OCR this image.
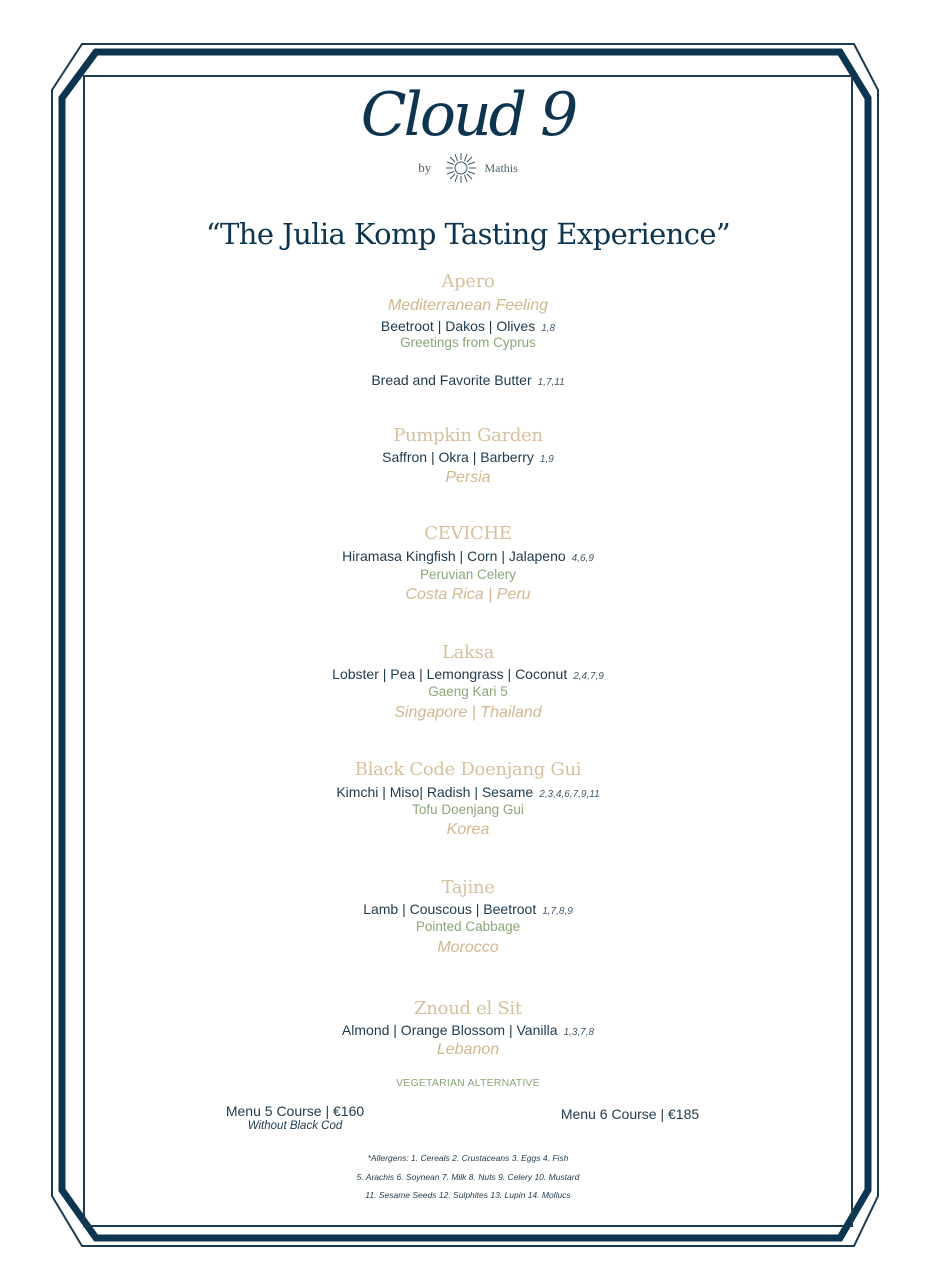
Cloud 9
by	Mathis
“The Julia Komp Tasting Experience”
Apero
Mediterranean Feeling
Beetroot | Dakos | Olives 1,8
Greetings from Cyprus
Bread and Favorite Butter 1,7,11
Pumpkin Garden
Saffron | Okra | Barberry 1,9
Persia
CEVICHE
Hiramasa Kingfish | Corn | Jalapeno 4,6,9
Peruvian Celery
Costa Rica | Peru
Laksa
Lobster | Pea | Lemongrass | Coconut 2,4,7,9
Gaeng Kari 5
Singapore | Thailand
Black Code Doenjang Gui
Kimchi | Miso| Radish | Sesame 2,3,4,6,7,9,11
Tofu Doenjang Gui
Korea
Tajine
Lamb | Couscous | Beetroot 1,7,8,9
Pointed Cabbage
Morocco
Znoud el Sit
Almond | Orange Blossom | Vanilla 1,3,7,8
Lebanon
VEGETARIAN ALTERNATIVE
Menu 5 Course | €160
Without Black Cod
Menu 6 Course | €185
*Allergens: 1. Cereals 2. Crustaceans 3. Eggs 4. Fish
5. Arachis 6. Soynean 7. Milk 8. Nuts 9. Celery 10. Mustard
11. Sesame Seeds 12. Sulphites 13. Lupin 14. Mollucs
